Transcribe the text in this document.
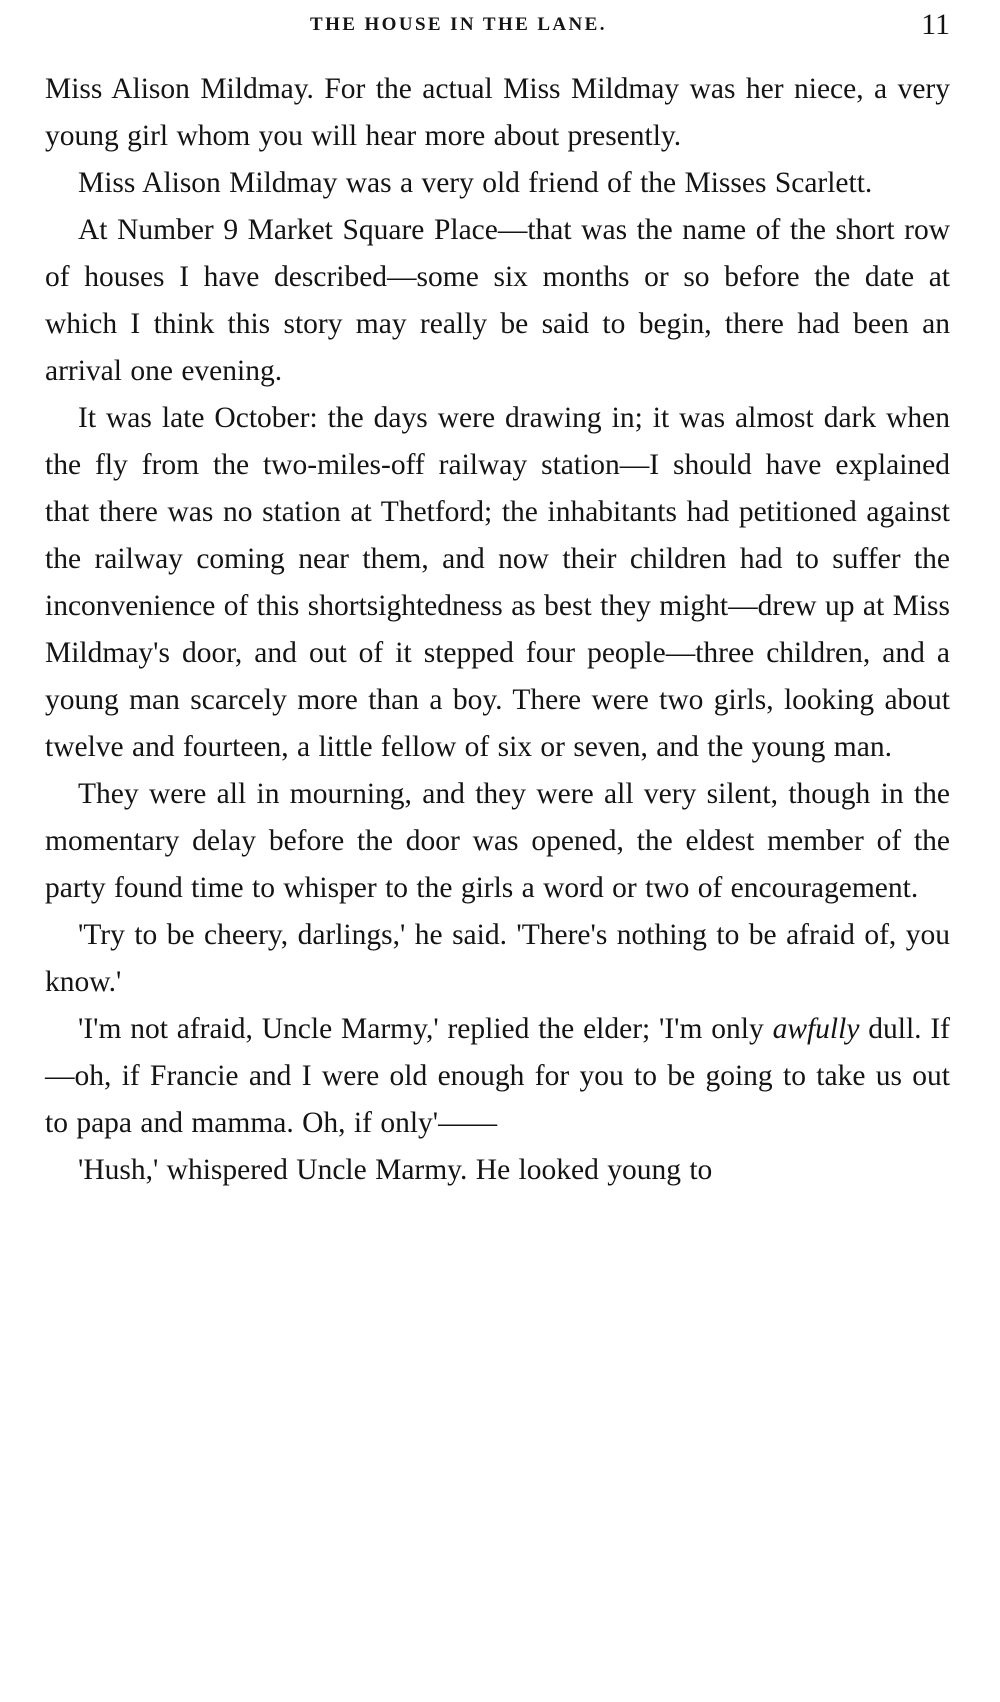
THE HOUSE IN THE LANE.	11

Miss Alison Mildmay. For the actual Miss Mildmay was her niece, a very young girl whom you will hear more about presently.

Miss Alison Mildmay was a very old friend of the Misses Scarlett.

At Number 9 Market Square Place—that was the name of the short row of houses I have described—some six months or so before the date at which I think this story may really be said to begin, there had been an arrival one evening.

It was late October: the days were drawing in; it was almost dark when the fly from the two-miles-off railway station—I should have explained that there was no station at Thetford; the inhabitants had petitioned against the railway coming near them, and now their children had to suffer the inconvenience of this shortsightedness as best they might—drew up at Miss Mildmay's door, and out of it stepped four people—three children, and a young man scarcely more than a boy. There were two girls, looking about twelve and fourteen, a little fellow of six or seven, and the young man.

They were all in mourning, and they were all very silent, though in the momentary delay before the door was opened, the eldest member of the party found time to whisper to the girls a word or two of encouragement.

'Try to be cheery, darlings,' he said. 'There's nothing to be afraid of, you know.'

'I'm not afraid, Uncle Marmy,' replied the elder; 'I'm only awfully dull. If—oh, if Francie and I were old enough for you to be going to take us out to papa and mamma. Oh, if only'——

'Hush,' whispered Uncle Marmy. He looked young to
